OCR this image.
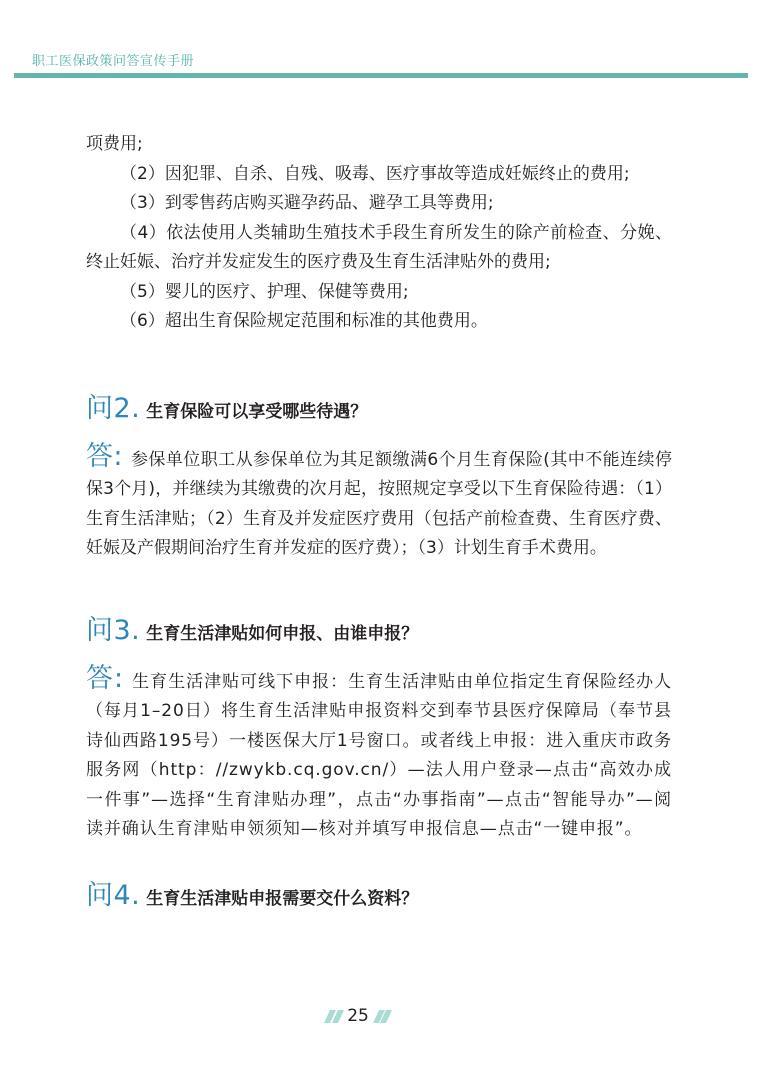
职工医保政策问答宣传手册

项费用;

（2）因犯罪、自杀、自残、吸毒、医疗事故等造成妊娠终止的费用;

（3）到零售药店购买避孕药品、避孕工具等费用;

（4）依法使用人类辅助生殖技术手段生育所发生的除产前检查、分娩、终止妊娠、治疗并发症发生的医疗费及生育生活津贴外的费用;

（5）婴儿的医疗、护理、保健等费用;

（6）超出生育保险规定范围和标准的其他费用。

问2. 生育保险可以享受哪些待遇？

答: 参保单位职工从参保单位为其足额缴满6个月生育保险(其中不能连续停保3个月)，并继续为其缴费的次月起，按照规定享受以下生育保险待遇：（1）生育生活津贴；（2）生育及并发症医疗费用（包括产前检查费、生育医疗费、妊娠及产假期间治疗生育并发症的医疗费）；（3）计划生育手术费用。

问3. 生育生活津贴如何申报、由谁申报？

答: 生育生活津贴可线下申报：生育生活津贴由单位指定生育保险经办人（每月1–20日）将生育生活津贴申报资料交到奉节县医疗保障局（奉节县诗仙西路195号）一楼医保大厅1号窗口。或者线上申报：进入重庆市政务服务网（http：//zwykb.cq.gov.cn/）—法人用户登录—点击“高效办成一件事”—选择“生育津贴办理”，点击“办事指南”—点击“智能导办”—阅读并确认生育津贴申领须知—核对并填写申报信息—点击“一键申报”。

问4. 生育生活津贴申报需要交什么资料？
25
